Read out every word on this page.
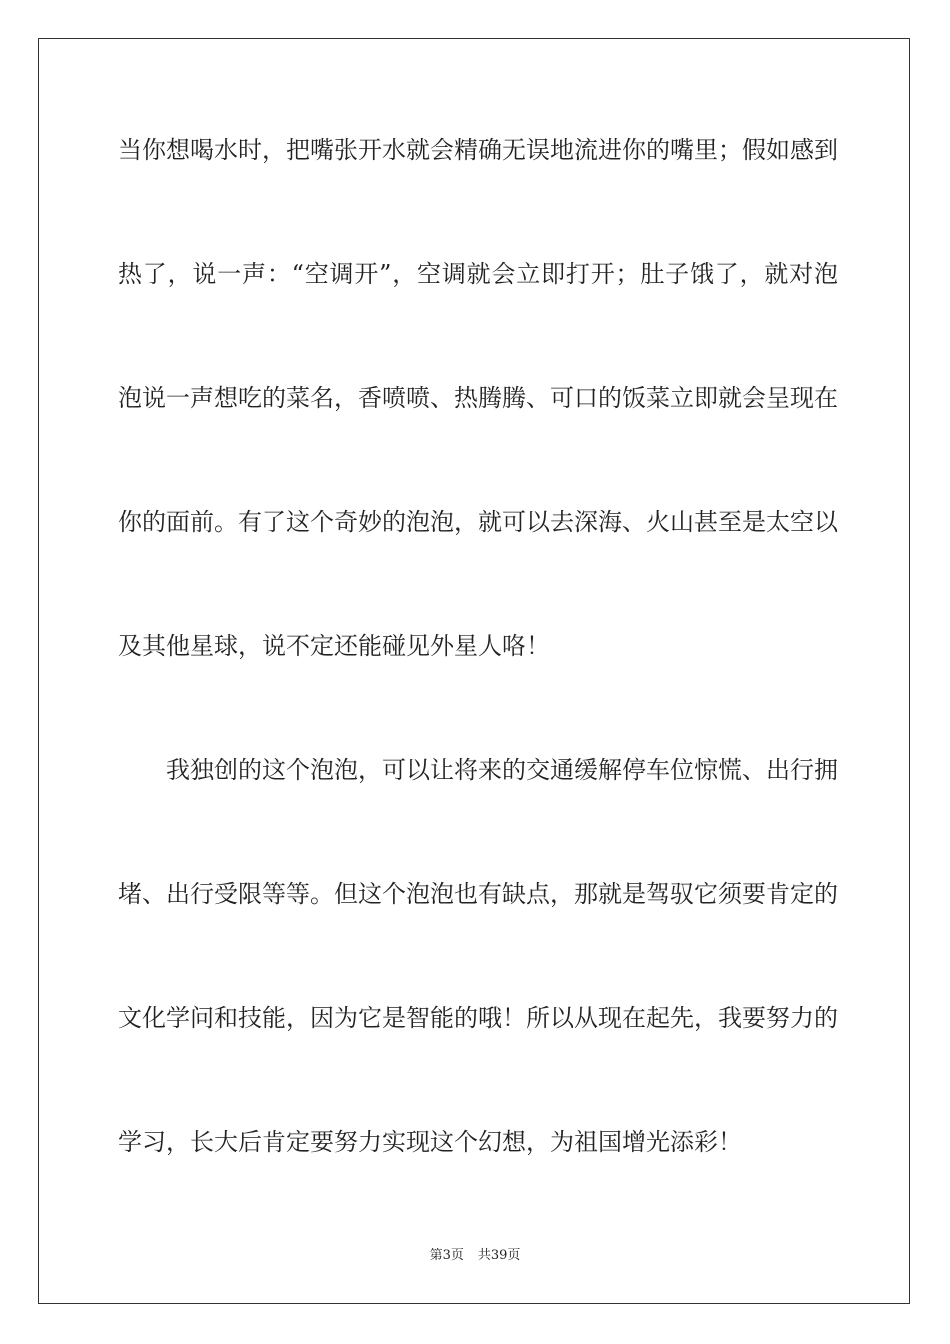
当你想喝水时，把嘴张开水就会精确无误地流进你的嘴里；假如感到
热了，说一声：“空调开”，空调就会立即打开；肚子饿了，就对泡
泡说一声想吃的菜名，香喷喷、热腾腾、可口的饭菜立即就会呈现在
你的面前。有了这个奇妙的泡泡，就可以去深海、火山甚至是太空以
及其他星球，说不定还能碰见外星人咯！
我独创的这个泡泡，可以让将来的交通缓解停车位惊慌、出行拥
堵、出行受限等等。但这个泡泡也有缺点，那就是驾驭它须要肯定的
文化学问和技能，因为它是智能的哦！所以从现在起先，我要努力的
学习，长大后肯定要努力实现这个幻想，为祖国增光添彩！
第3页 共39页
